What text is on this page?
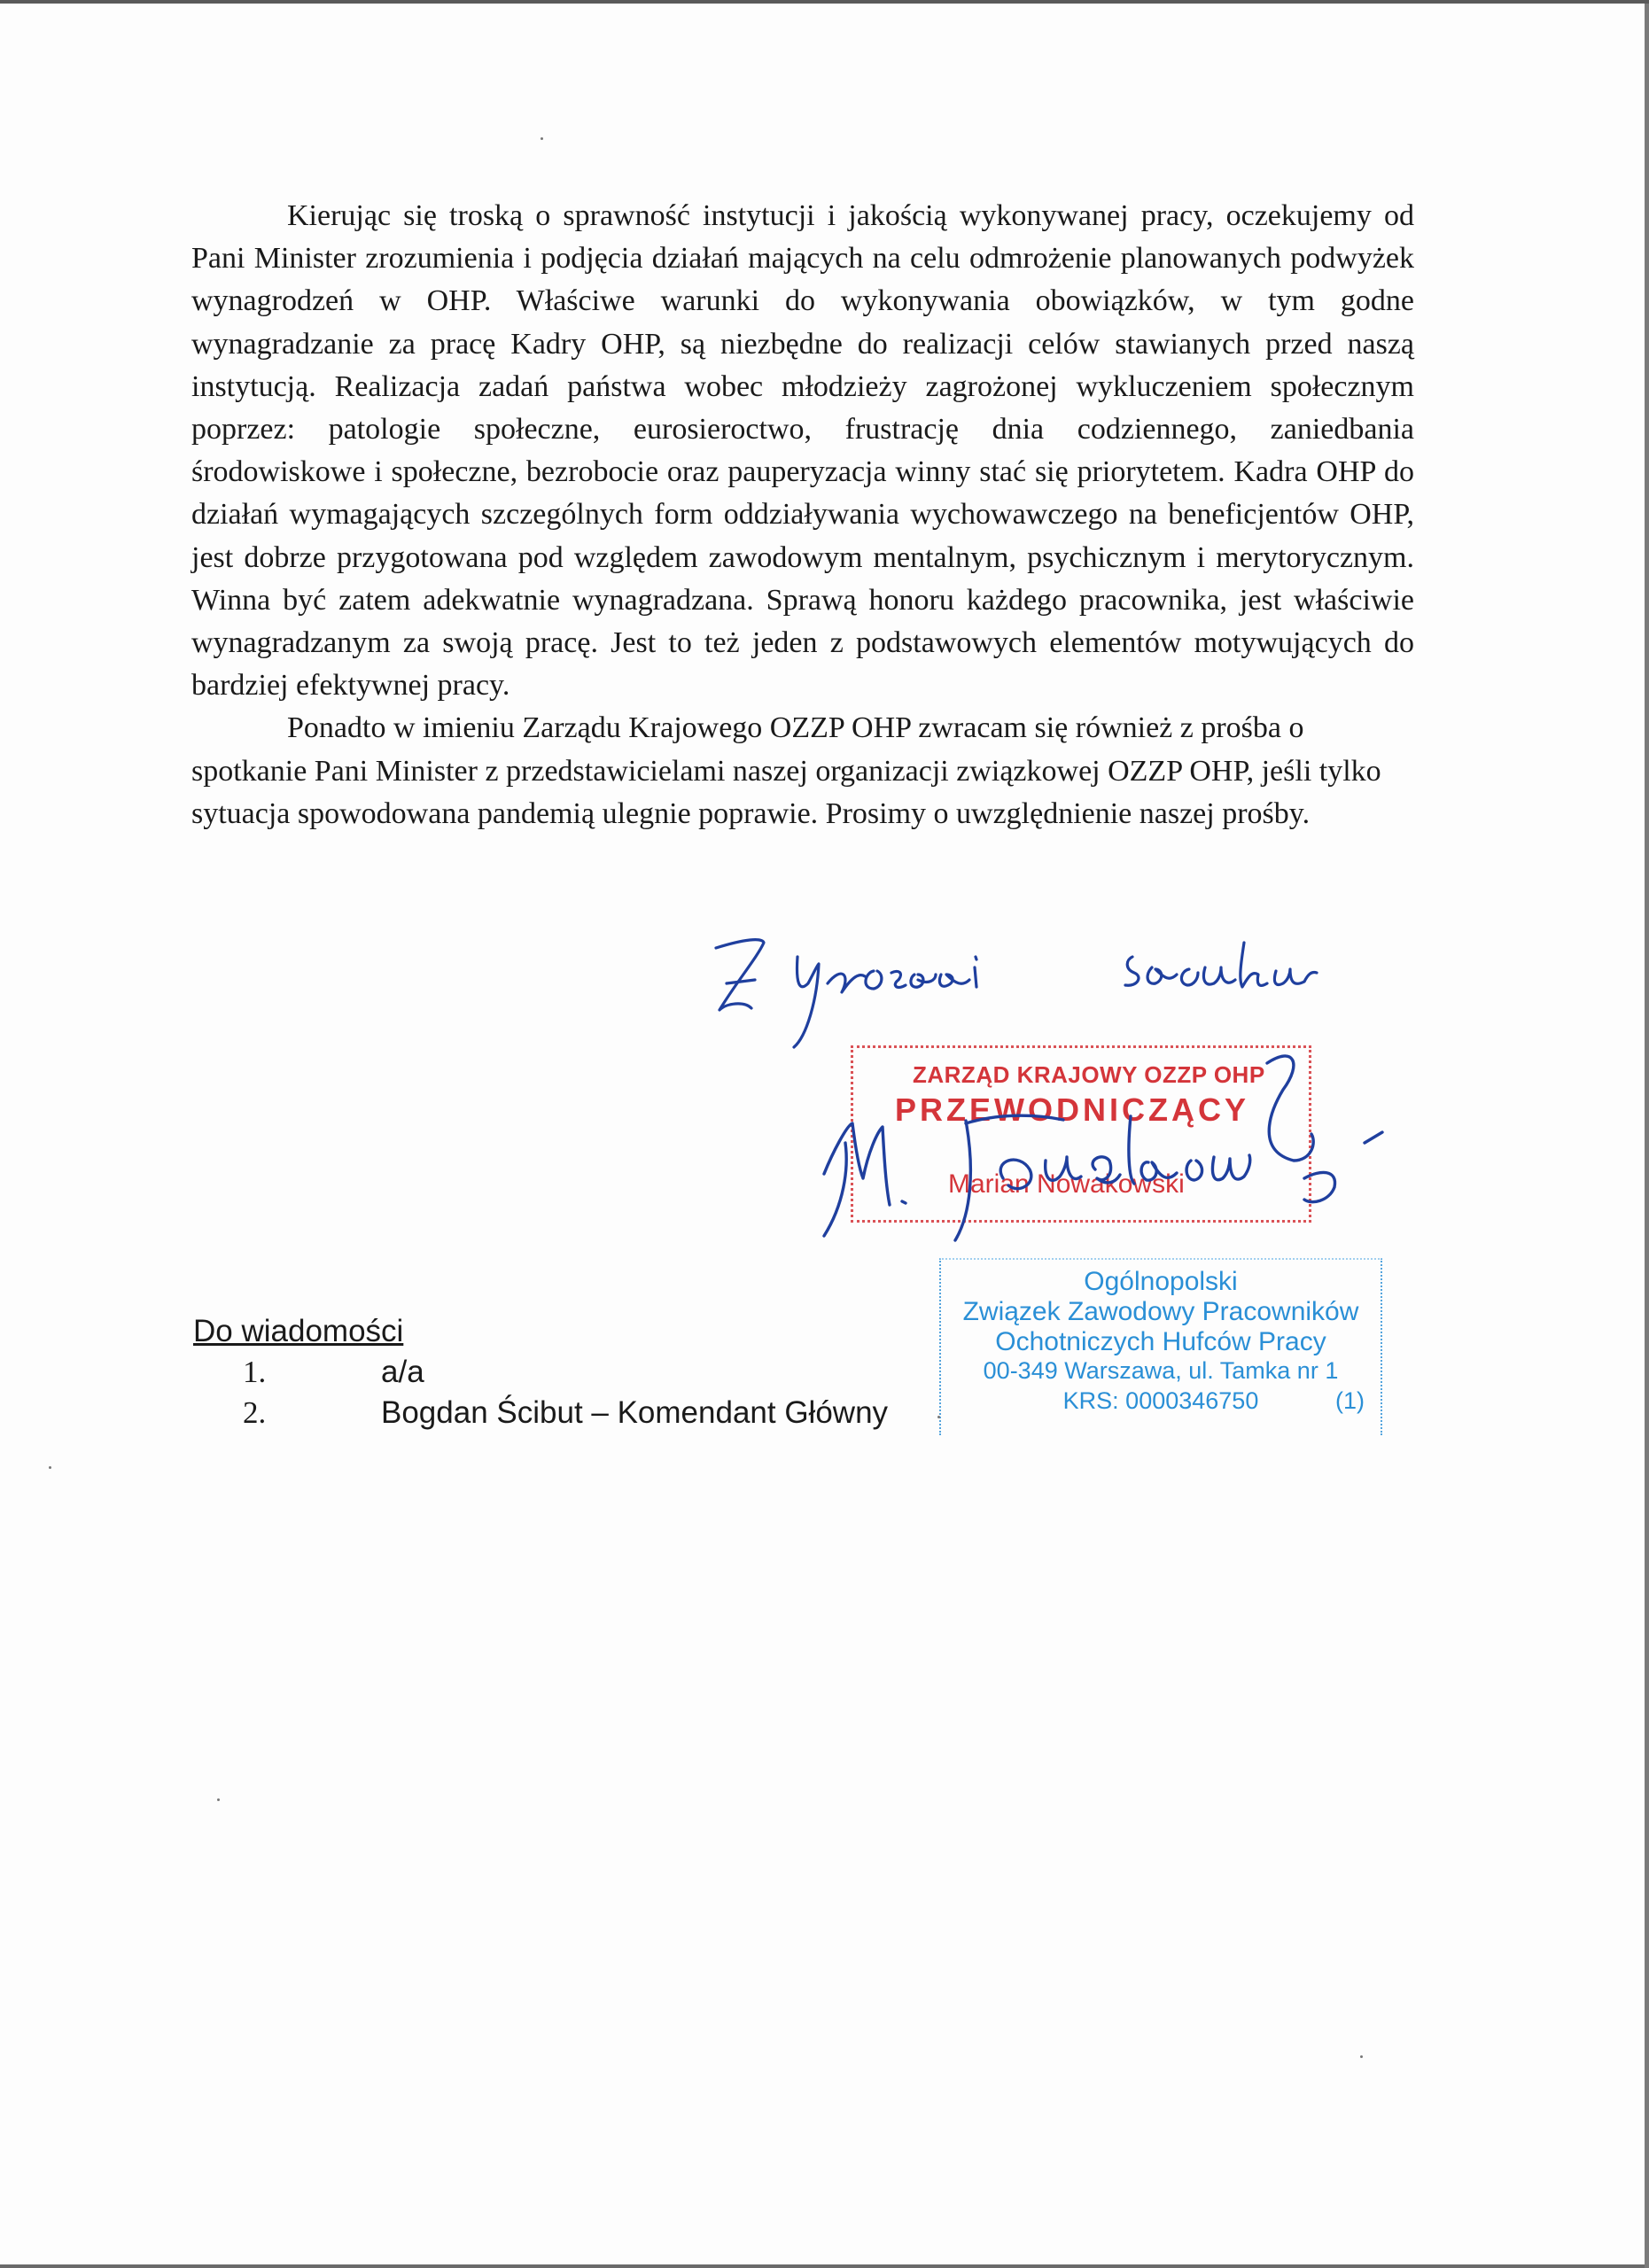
Kierując się troską o sprawność instytucji i jakością wykonywanej pracy, oczekujemy od Pani Minister zrozumienia i podjęcia działań mających na celu odmrożenie planowanych podwyżek wynagrodzeń w OHP. Właściwe warunki do wykonywania obowiązków, w tym godne wynagradzanie za pracę Kadry OHP, są niezbędne do realizacji celów stawianych przed naszą instytucją. Realizacja zadań państwa wobec młodzieży zagrożonej wykluczeniem społecznym poprzez: patologie społeczne, eurosieroctwo, frustrację dnia codziennego, zaniedbania środowiskowe i społeczne, bezrobocie oraz pauperyzacja winny stać się priorytetem. Kadra OHP do działań wymagających szczególnych form oddziaływania wychowawczego na beneficjentów OHP, jest dobrze przygotowana pod względem zawodowym mentalnym, psychicznym i merytorycznym. Winna być zatem adekwatnie wynagradzana. Sprawą honoru każdego pracownika, jest właściwie wynagradzanym za swoją pracę. Jest to też jeden z podstawowych elementów motywujących do bardziej efektywnej pracy.

Ponadto w imieniu Zarządu Krajowego OZZP OHP zwracam się również z prośba o spotkanie Pani Minister z przedstawicielami naszej organizacji związkowej OZZP OHP, jeśli tylko sytuacja spowodowana pandemią ulegnie poprawie. Prosimy o uwzględnienie naszej prośby.

ZARZĄD KRAJOWY OZZP OHP
PRZEWODNICZĄCY
Marian Nowakowski
Ogólnopolski
Związek Zawodowy Pracowników
Ochotniczych Hufców Pracy
00-349 Warszawa, ul. Tamka nr 1
KRS: 0000346750	(1)
Do wiadomości
1.	a/a
2.	Bogdan Ścibut – Komendant Główny
